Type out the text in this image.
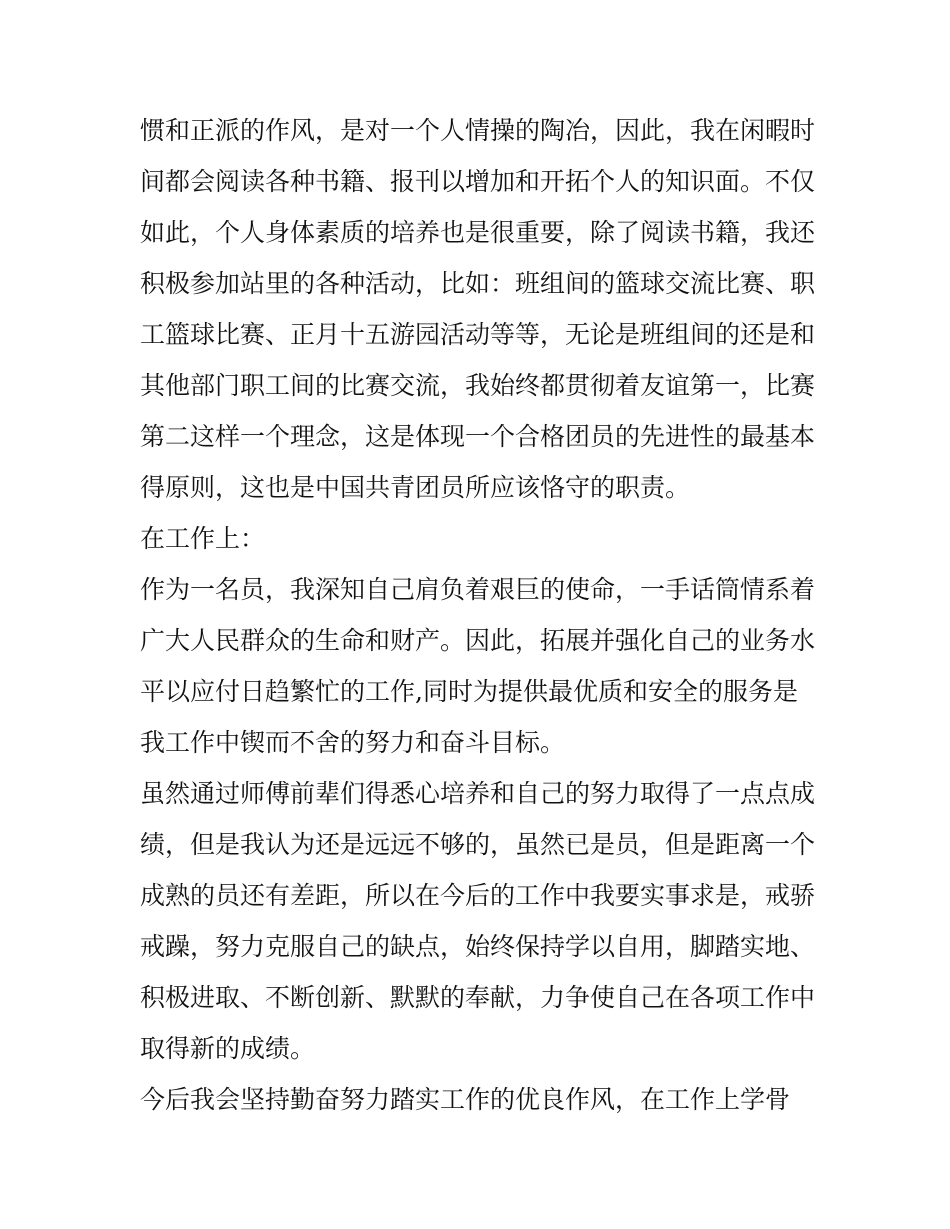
惯和正派的作风，是对一个人情操的陶冶，因此，我在闲暇时
间都会阅读各种书籍、报刊以增加和开拓个人的知识面。不仅
如此，个人身体素质的培养也是很重要，除了阅读书籍，我还
积极参加站里的各种活动，比如：班组间的篮球交流比赛、职
工篮球比赛、正月十五游园活动等等，无论是班组间的还是和
其他部门职工间的比赛交流，我始终都贯彻着友谊第一，比赛
第二这样一个理念，这是体现一个合格团员的先进性的最基本
得原则，这也是中国共青团员所应该恪守的职责。
在工作上：
作为一名员，我深知自己肩负着艰巨的使命，一手话筒情系着
广大人民群众的生命和财产。因此，拓展并强化自己的业务水
平以应付日趋繁忙的工作,同时为提供最优质和安全的服务是
我工作中锲而不舍的努力和奋斗目标。
虽然通过师傅前辈们得悉心培养和自己的努力取得了一点点成
绩，但是我认为还是远远不够的，虽然已是员，但是距离一个
成熟的员还有差距，所以在今后的工作中我要实事求是，戒骄
戒躁，努力克服自己的缺点，始终保持学以自用，脚踏实地、
积极进取、不断创新、默默的奉献，力争使自己在各项工作中
取得新的成绩。
今后我会坚持勤奋努力踏实工作的优良作风，在工作上学骨
